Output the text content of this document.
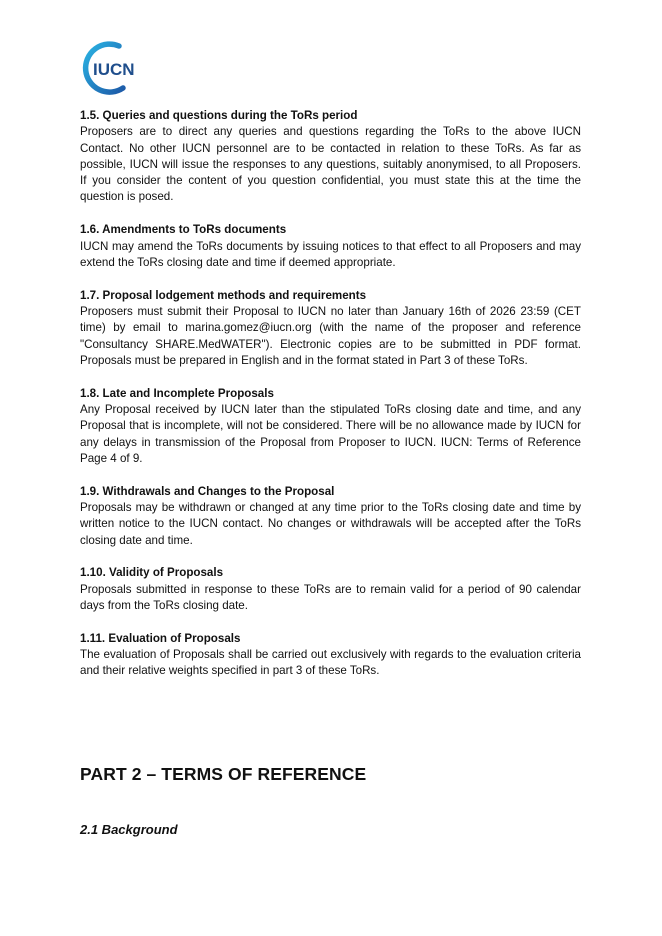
IUCN
1.5. Queries and questions during the ToRs period

Proposers are to direct any queries and questions regarding the ToRs to the above IUCN Contact. No other IUCN personnel are to be contacted in relation to these ToRs. As far as possible, IUCN will issue the responses to any questions, suitably anonymised, to all Proposers. If you consider the content of you question confidential, you must state this at the time the question is posed.

1.6. Amendments to ToRs documents

IUCN may amend the ToRs documents by issuing notices to that effect to all Proposers and may extend the ToRs closing date and time if deemed appropriate.

1.7. Proposal lodgement methods and requirements

Proposers must submit their Proposal to IUCN no later than January 16th of 2026 23:59 (CET time) by email to marina.gomez@iucn.org (with the name of the proposer and reference "Consultancy SHARE.MedWATER"). Electronic copies are to be submitted in PDF format. Proposals must be prepared in English and in the format stated in Part 3 of these ToRs.

1.8. Late and Incomplete Proposals

Any Proposal received by IUCN later than the stipulated ToRs closing date and time, and any Proposal that is incomplete, will not be considered. There will be no allowance made by IUCN for any delays in transmission of the Proposal from Proposer to IUCN. IUCN: Terms of Reference Page 4 of 9.

1.9. Withdrawals and Changes to the Proposal

Proposals may be withdrawn or changed at any time prior to the ToRs closing date and time by written notice to the IUCN contact. No changes or withdrawals will be accepted after the ToRs closing date and time.

1.10. Validity of Proposals

Proposals submitted in response to these ToRs are to remain valid for a period of 90 calendar days from the ToRs closing date.

1.11. Evaluation of Proposals

The evaluation of Proposals shall be carried out exclusively with regards to the evaluation criteria and their relative weights specified in part 3 of these ToRs.

PART 2 – TERMS OF REFERENCE
2.1 Background
